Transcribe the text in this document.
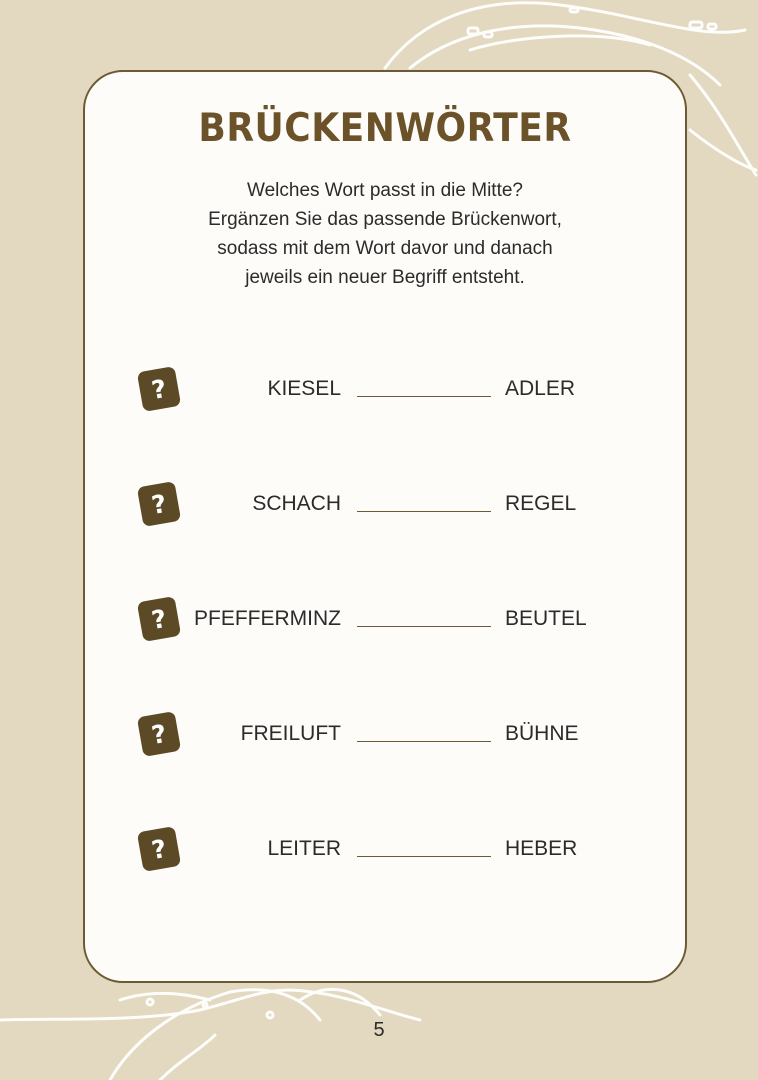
BRÜCKENWÖRTER
Welches Wort passt in die Mitte?
Ergänzen Sie das passende Brückenwort,
sodass mit dem Wort davor und danach
jeweils ein neuer Begriff entsteht.
?	KIESEL	ADLER
?	SCHACH	REGEL
? PFEFFERMINZ	BEUTEL
?	FREILUFT	BÜHNE
?	LEITER	HEBER
5
